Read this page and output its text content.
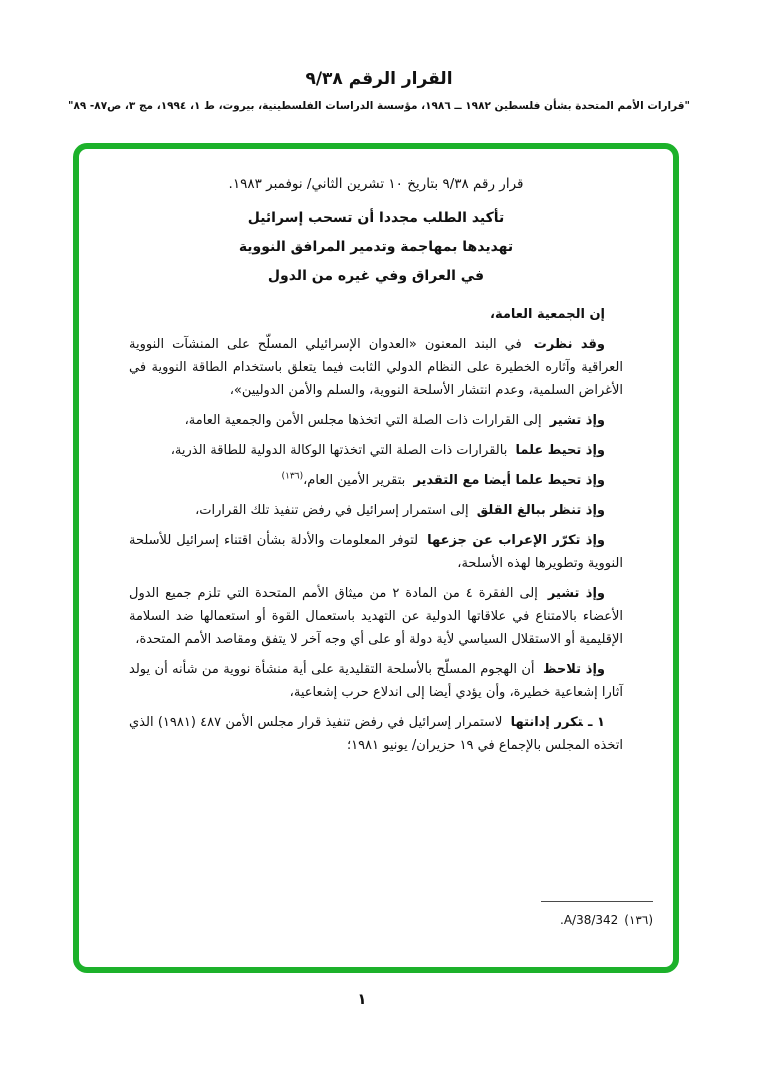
القرار الرقم ٩/٣٨
"قرارات الأمم المتحدة بشأن فلسطين ١٩٨٢ ــ ١٩٨٦، مؤسسة الدراسات الفلسطينية، بيروت، ط ١، ١٩٩٤، مج ٣، ص٨٧- ٨٩"

قرار رقم ٩/٣٨ بتاريخ ١٠ تشرين الثاني/ نوفمبر ١٩٨٣.

تأكيد الطلب مجددا أن تسحب إسرائيل
تهديدها بمهاجمة وتدمير المرافق النووية
في العراق وفي غيره من الدول

إن الجمعية العامة،

وقد نظرت في البند المعنون «العدوان الإسرائيلي المسلّح على المنشآت النووية العراقية وآثاره الخطيرة على النظام الدولي الثابت فيما يتعلق باستخدام الطاقة النووية في الأغراض السلمية، وعدم انتشار الأسلحة النووية، والسلم والأمن الدوليين»،

وإذ تشير إلى القرارات ذات الصلة التي اتخذها مجلس الأمن والجمعية العامة،

وإذ تحيط علما بالقرارات ذات الصلة التي اتخذتها الوكالة الدولية للطاقة الذرية،

وإذ تحيط علما أيضا مع التقدير بتقرير الأمين العام،$^{(١٣٦)}$

وإذ تنظر ببالغ القلق إلى استمرار إسرائيل في رفض تنفيذ تلك القرارات،

وإذ تكرّر الإعراب عن جزعها لتوفر المعلومات والأدلة بشأن اقتناء إسرائيل للأسلحة النووية وتطويرها لهذه الأسلحة،

وإذ تشير إلى الفقرة ٤ من المادة ٢ من ميثاق الأمم المتحدة التي تلزم جميع الدول الأعضاء بالامتناع في علاقاتها الدولية عن التهديد باستعمال القوة أو استعمالها ضد السلامة الإقليمية أو الاستقلال السياسي لأية دولة أو على أي وجه آخر لا يتفق ومقاصد الأمم المتحدة،

وإذ تلاحظ أن الهجوم المسلّح بالأسلحة التقليدية على أية منشأة نووية من شأنه أن يولد آثارا إشعاعية خطيرة، وأن يؤدي أيضا إلى اندلاع حرب إشعاعية،

١ ـتكرر إدانتها لاستمرار إسرائيل في رفض تنفيذ قرار مجلس الأمن ٤٨٧ (١٩٨١) الذي اتخذه المجلس بالإجماع في ١٩ حزيران/ يونيو ١٩٨١؛

(١٣٦)A/38/342.
١
